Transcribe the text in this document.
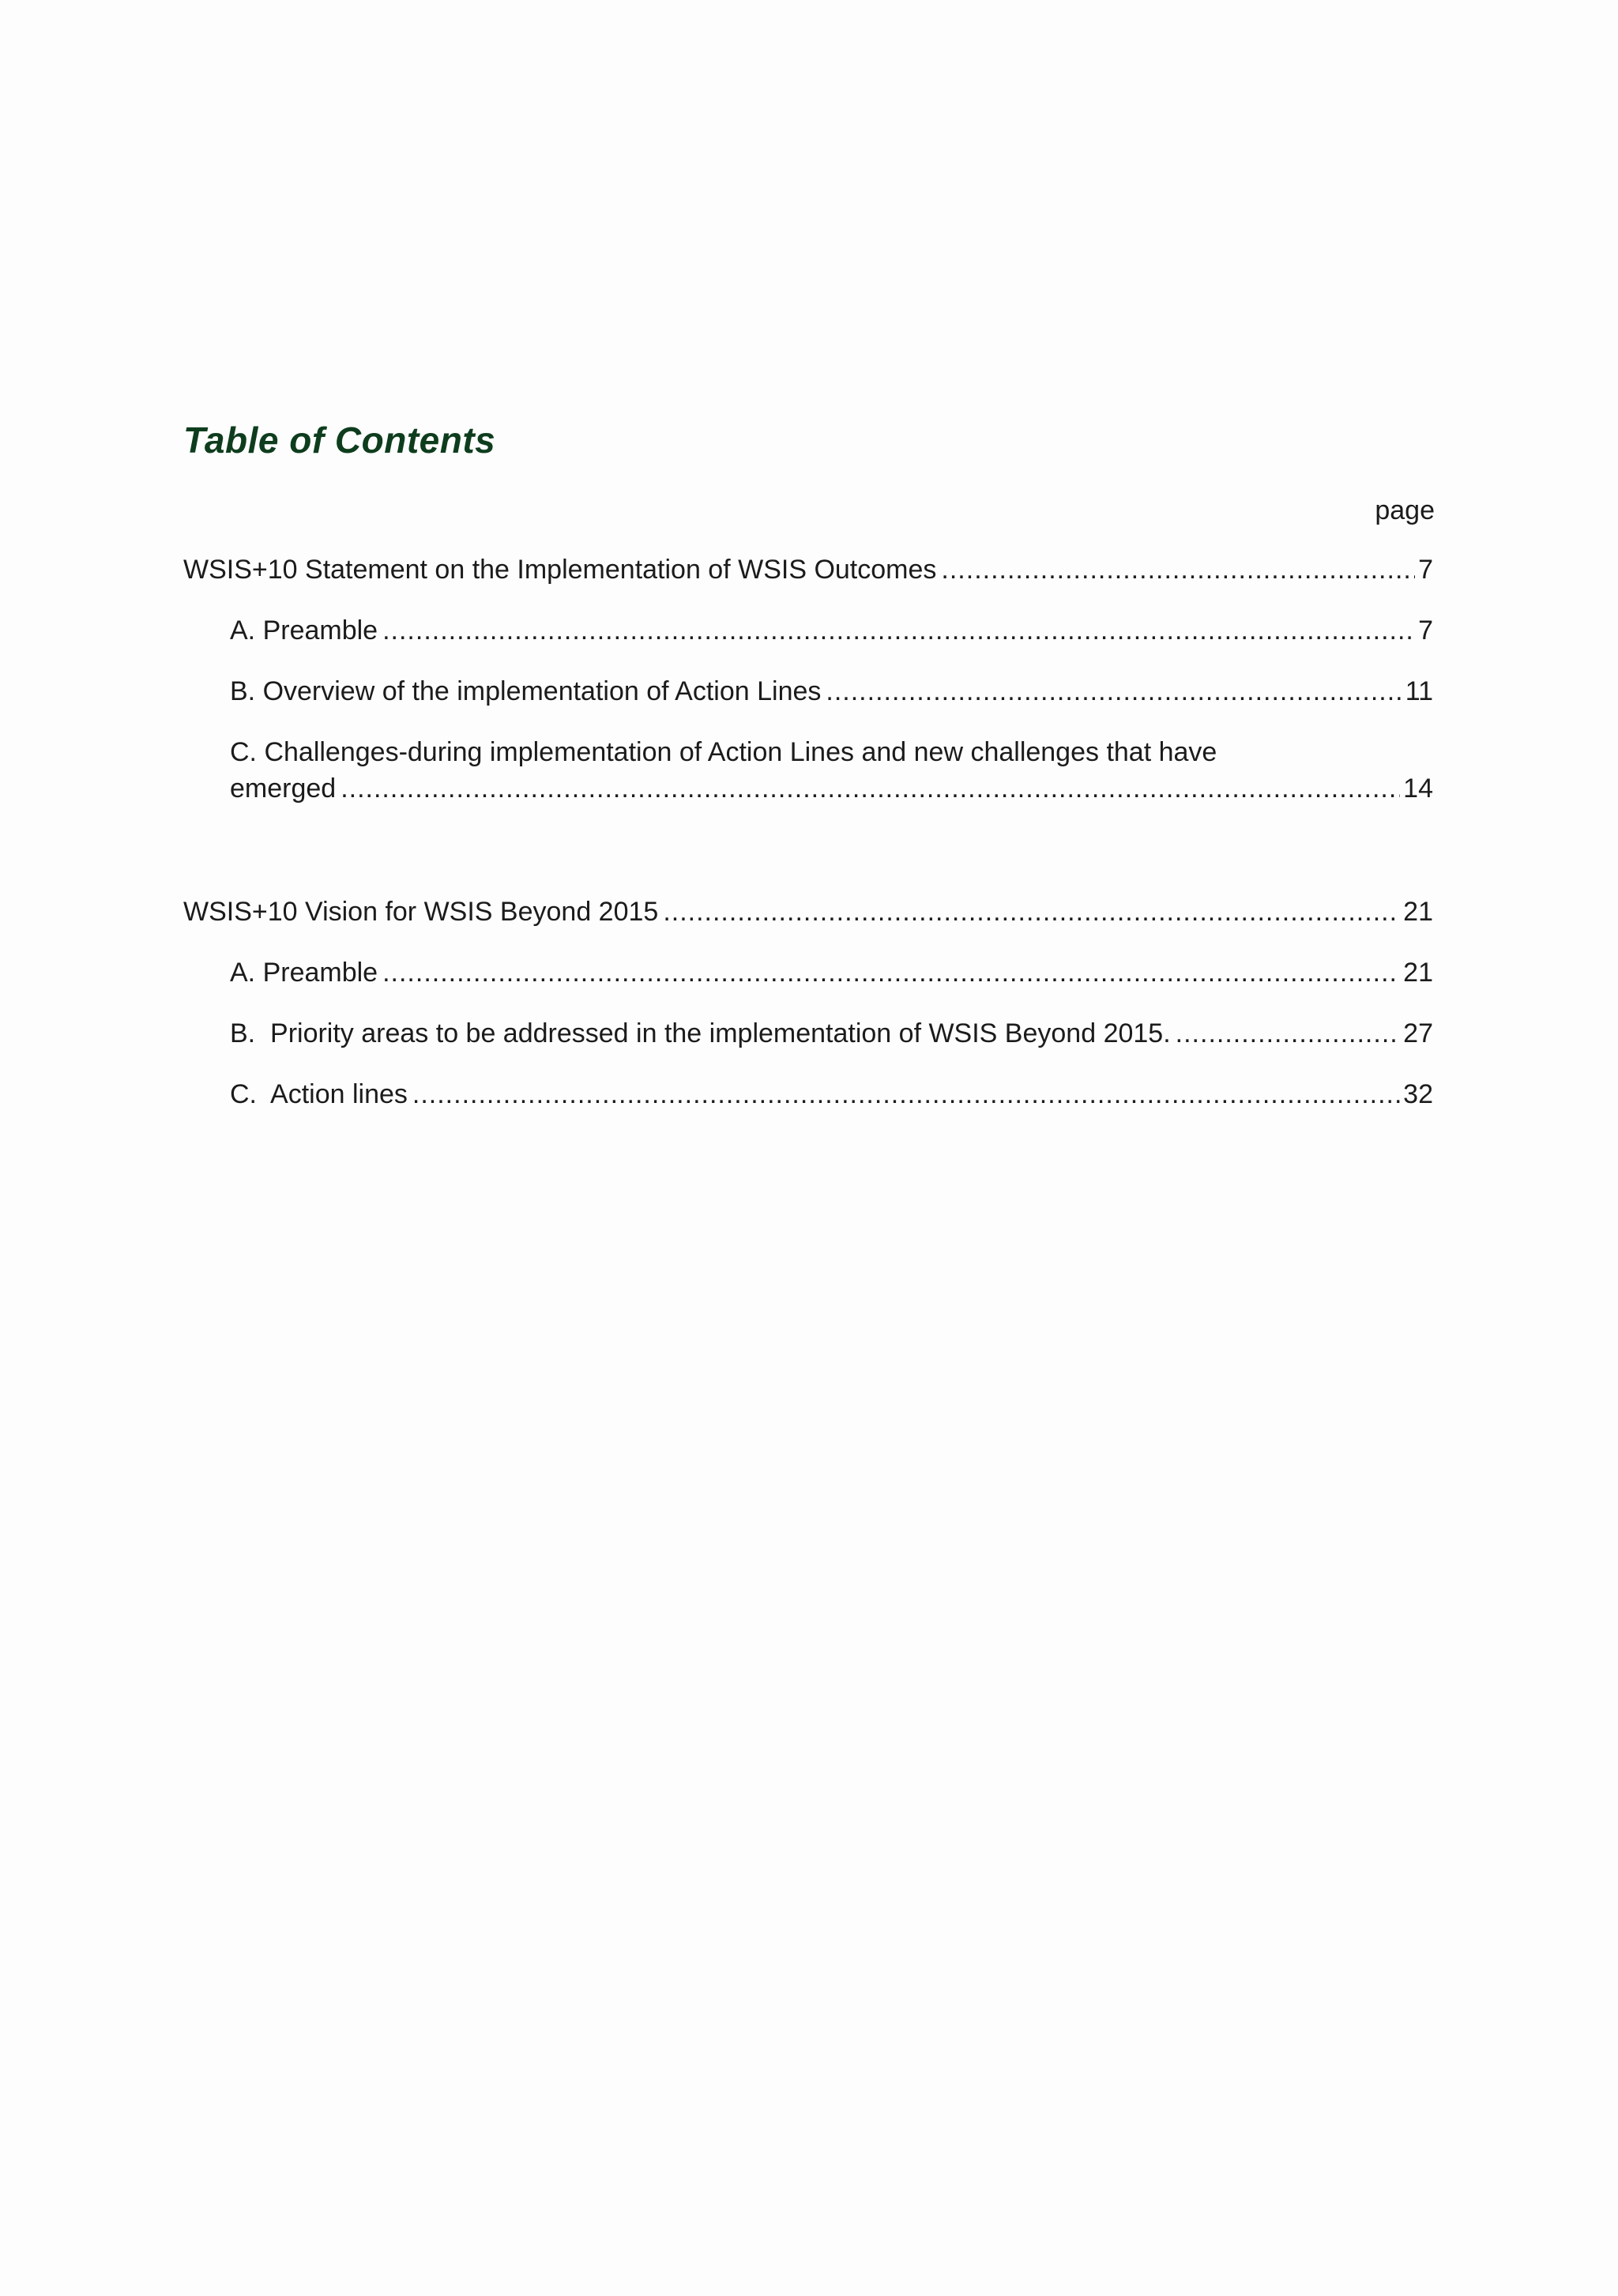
Table of Contents
page
WSIS+10 Statement on the Implementation of WSIS Outcomes .....	7
A. Preamble .....	7
B. Overview of the implementation of Action Lines .....	11
C. Challenges-during implementation of Action Lines and new challenges that have
emerged .....	14
WSIS+10 Vision for WSIS Beyond 2015 .....	21
A. Preamble .....	21
B.  Priority areas to be addressed in the implementation of WSIS Beyond 2015. .....	27
C.  Action lines .....	32
